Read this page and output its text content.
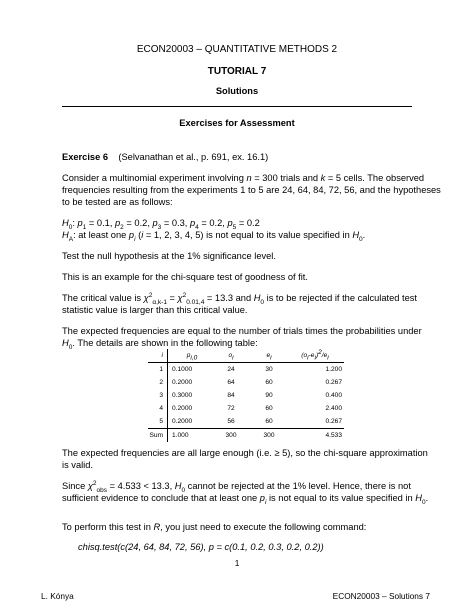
ECON20003 – QUANTITATIVE METHODS 2
TUTORIAL 7
Solutions
Exercises for Assessment
Exercise 6 (Selvanathan et al., p. 691, ex. 16.1)
Consider a multinomial experiment involving n = 300 trials and k = 5 cells. The observed
frequencies resulting from the experiments 1 to 5 are 24, 64, 84, 72, 56, and the hypotheses
to be tested are as follows:
$H_0$: $p_1 = 0.1$, $p_2 = 0.2$, $p_3 = 0.3$, $p_4 = 0.2$, $p_5 = 0.2$
$H_A$: at least one $p_i$ (i = 1, 2, 3, 4, 5) is not equal to its value specified in $H_0$.
Test the null hypothesis at the 1% significance level.
This is an example for the chi-square test of goodness of fit.
The critical value is $\chi^2_{\alpha,k-1} = \chi^2_{0.01,4} = 13.3$ and $H_0$ is to be rejected if the calculated test
statistic value is larger than this critical value.
The expected frequencies are equal to the number of trials times the probabilities under
$H_0$. The details are shown in the following table:
i	$p_{i,0}$	$o_i$	$e_i$	$(o_i-e_i)^2/e_i$
1	0.1000	24	30	1.200
2	0.2000	64	60	0.267
3	0.3000	84	90	0.400
4	0.2000	72	60	2.400
5	0.2000	56	60	0.267
Sum	1.000	300	300	4.533
The expected frequencies are all large enough (i.e. ≥ 5), so the chi-square approximation
is valid.
Since $\chi^2_{obs} = 4.533 < 13.3$, $H_0$ cannot be rejected at the 1% level. Hence, there is not
sufficient evidence to conclude that at least one $p_i$ is not equal to its value specified in $H_0$.
To perform this test in R, you just need to execute the following command:
chisq.test(c(24, 64, 84, 72, 56), p = c(0.1, 0.2, 0.3, 0.2, 0.2))
1
L. Kónya	ECON20003 – Solutions 7
